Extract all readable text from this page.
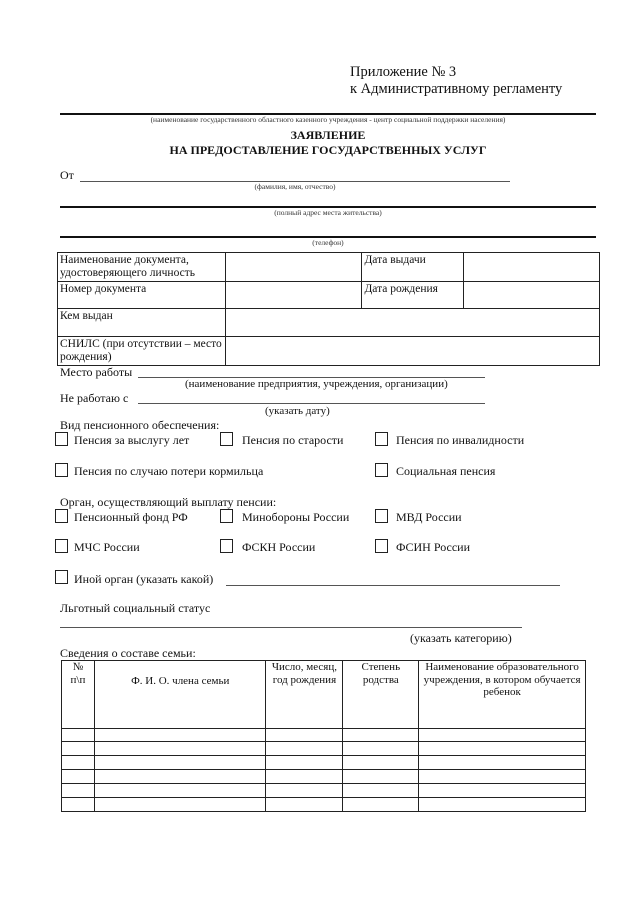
Приложение № 3
к Административному регламенту
(наименование государственного областного казенного учреждения - центр социальной поддержки населения)
ЗАЯВЛЕНИЕ
НА ПРЕДОСТАВЛЕНИЕ ГОСУДАРСТВЕННЫХ УСЛУГ
От
(фамилия, имя, отчество)
(полный адрес места жительства)
(телефон)
Наименование документа, удостоверяющего личность		Дата выдачи	
Номер документа		Дата рождения	
Кем выдан			
СНИЛС (при отсутствии – место рождения)			
Место работы
(наименование предприятия, учреждения, организации)
Не работаю с
(указать дату)
Вид пенсионного обеспечения:
Пенсия за выслугу лет	Пенсия по старости	Пенсия по инвалидности
Пенсия по случаю потери кормильца	Социальная пенсия
Орган, осуществляющий выплату пенсии:
Пенсионный фонд РФ	Минобороны России	МВД России
МЧС России	ФСКН России	ФСИН России
Иной орган (указать какой)
Льготный социальный статус
(указать категорию)
Сведения о составе семьи:
№ п\п	Ф. И. О. члена семьи	Число, месяц, год рождения	Степень родства	Наименование образовательного учреждения, в котором обучается ребенок
